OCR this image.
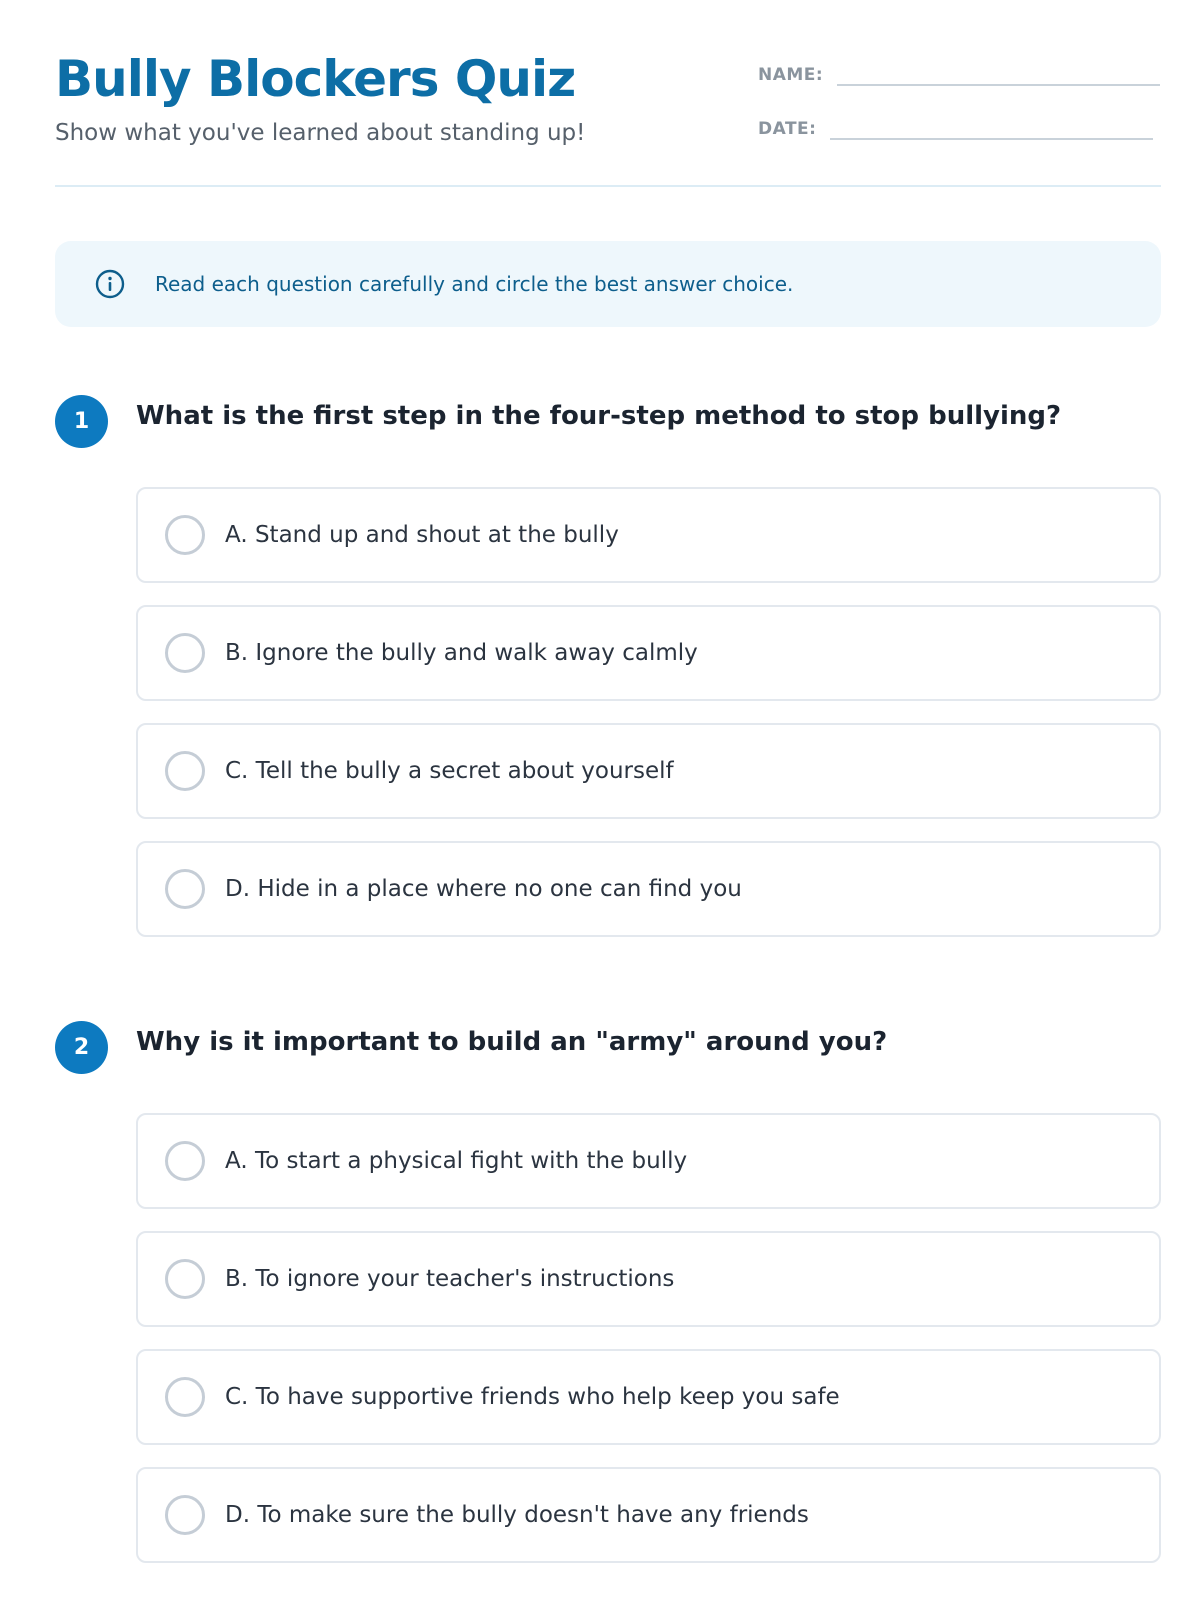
Bully Blockers Quiz

Show what you've learned about standing up!

NAME:
DATE:
Read each question carefully and circle the best answer choice.
1	What is the first step in the four-step method to stop bullying?
A. Stand up and shout at the bully
B. Ignore the bully and walk away calmly
C. Tell the bully a secret about yourself
D. Hide in a place where no one can find you
2	Why is it important to build an "army" around you?
A. To start a physical fight with the bully
B. To ignore your teacher's instructions
C. To have supportive friends who help keep you safe
D. To make sure the bully doesn't have any friends
